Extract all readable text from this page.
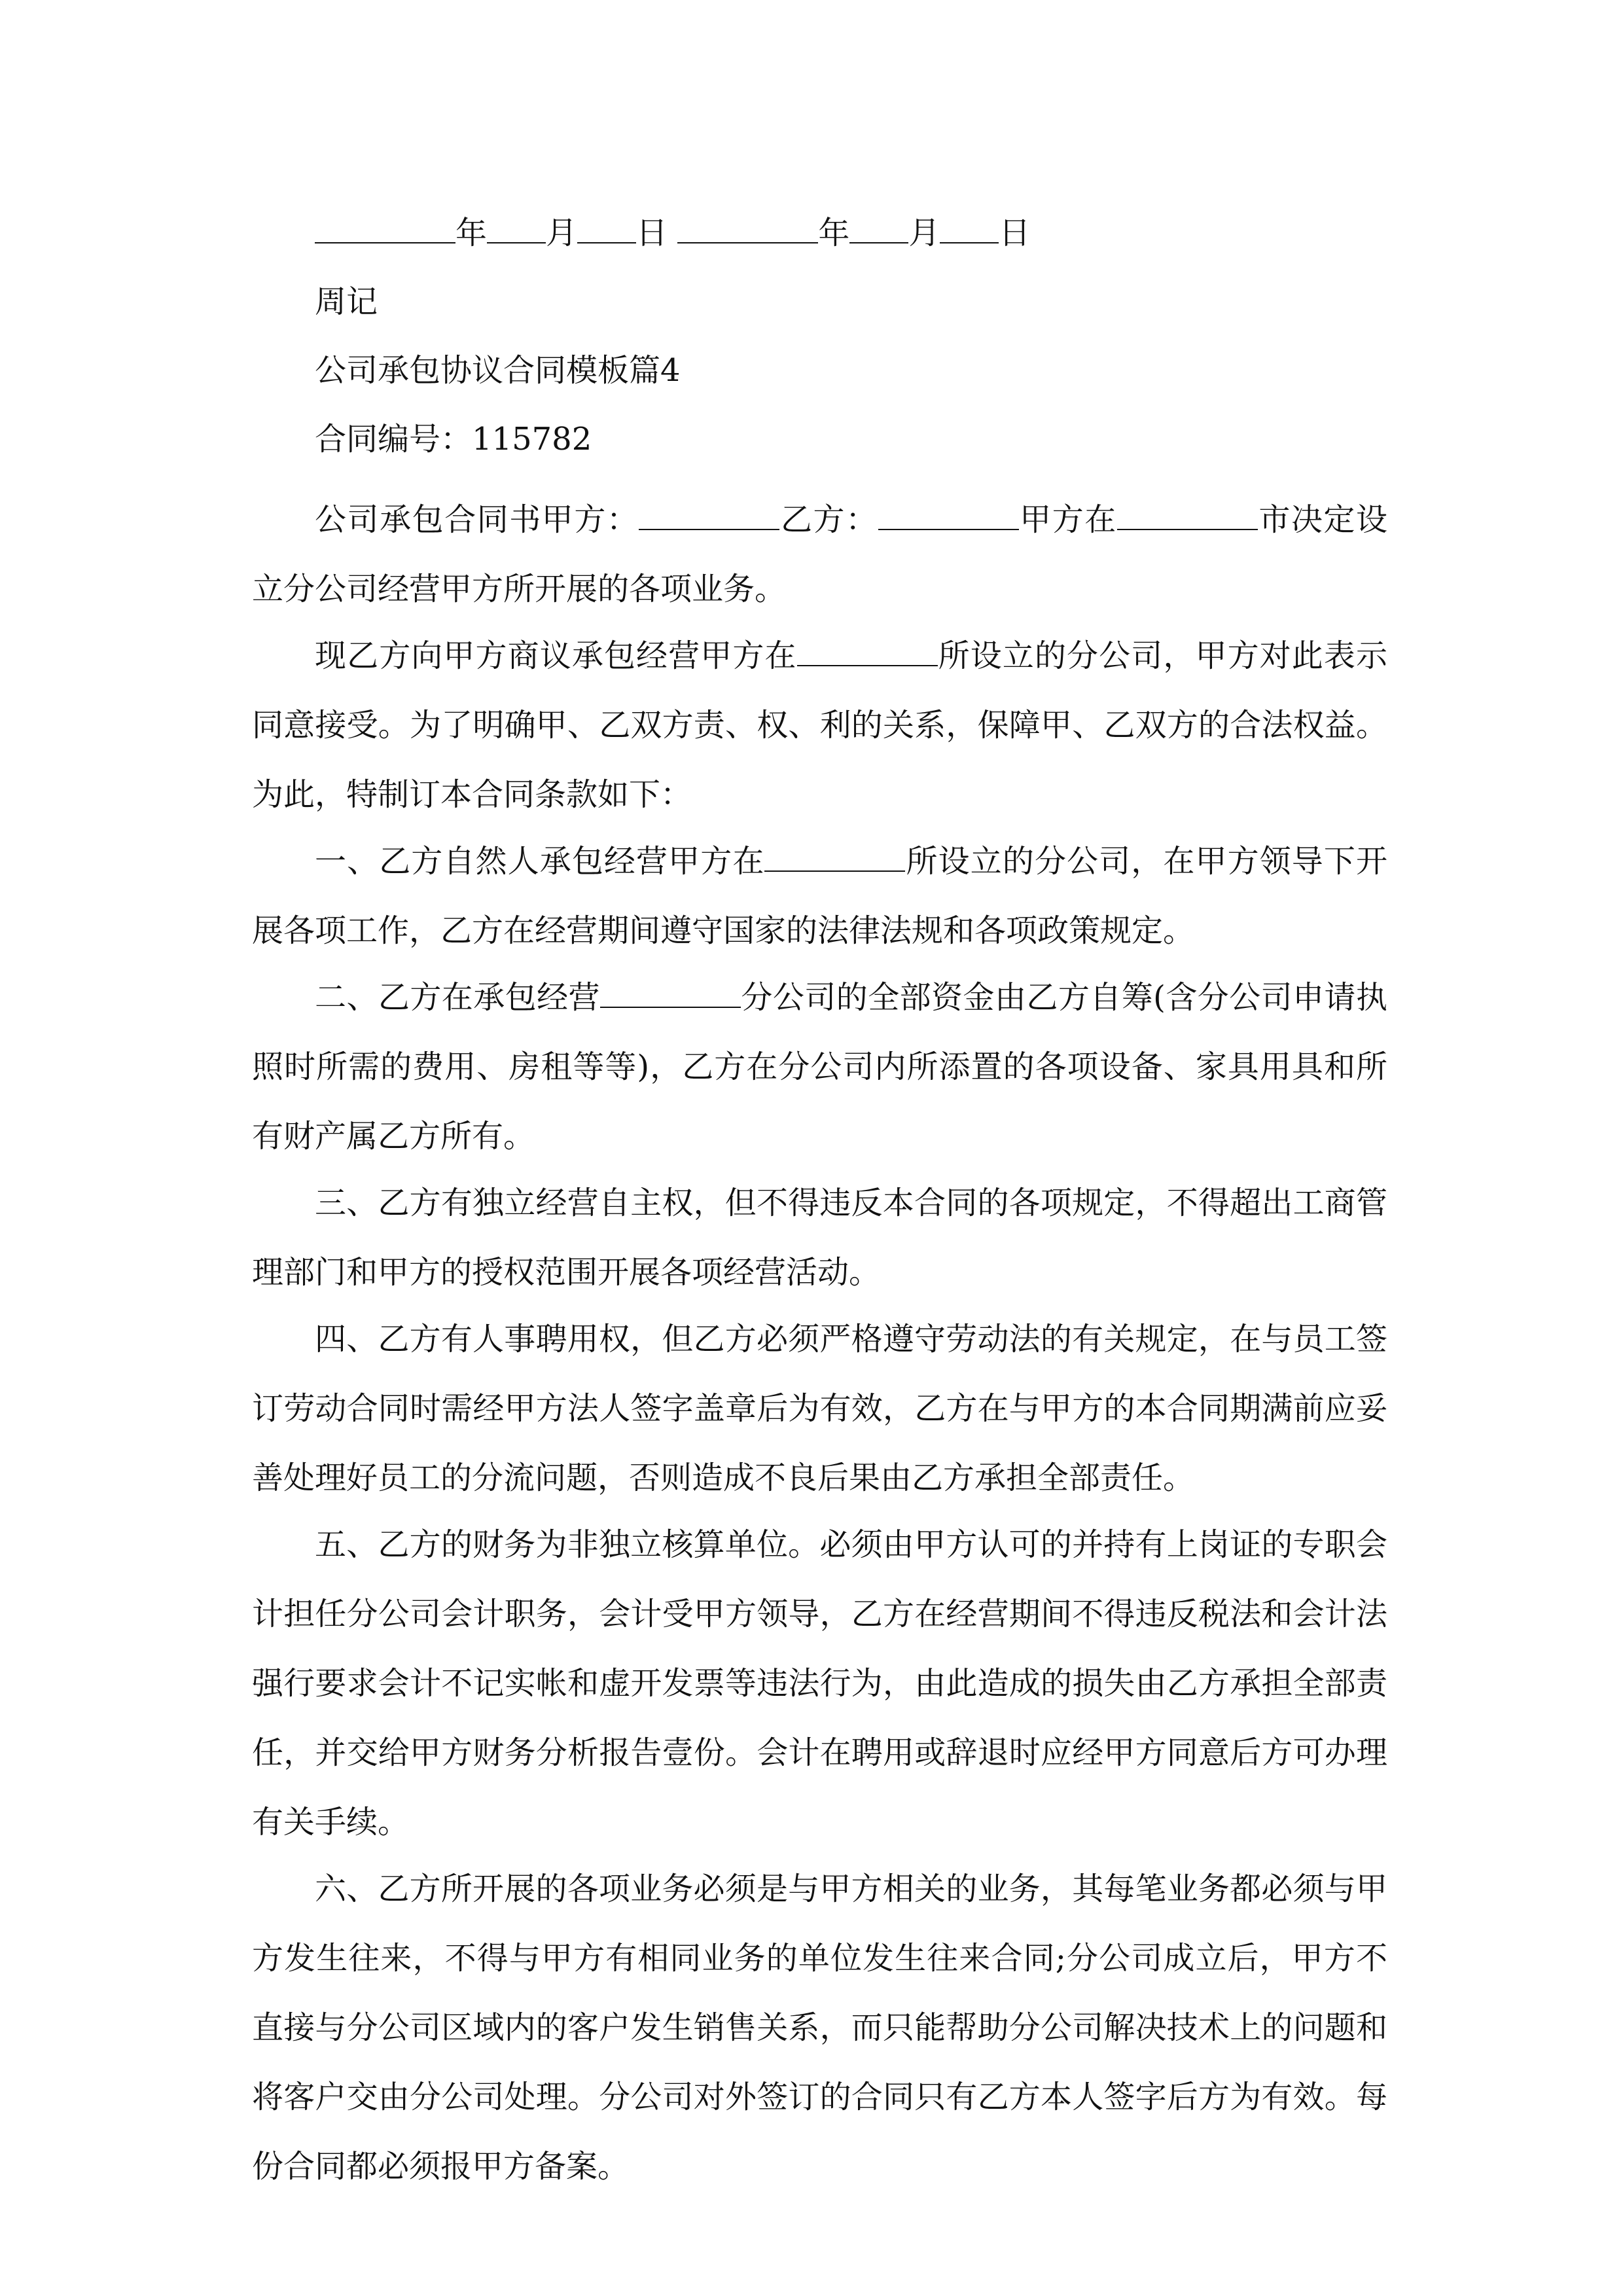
年 月 日	年 月 日
周记
公司承包协议合同模板篇4
合同编号：115782

公司承包合同书甲方：	乙方：	甲方在	市决定设立分公司经营甲方所开展的各项业务。

现乙方向甲方商议承包经营甲方在	所设立的分公司，甲方对此表示同意接受。为了明确甲、乙双方责、权、利的关系，保障甲、乙双方的合法权益。为此，特制订本合同条款如下：

一、乙方自然人承包经营甲方在	所设立的分公司，在甲方领导下开展各项工作，乙方在经营期间遵守国家的法律法规和各项政策规定。

二、乙方在承包经营	分公司的全部资金由乙方自筹(含分公司申请执照时所需的费用、房租等等)，乙方在分公司内所添置的各项设备、家具用具和所有财产属乙方所有。

三、乙方有独立经营自主权，但不得违反本合同的各项规定，不得超出工商管理部门和甲方的授权范围开展各项经营活动。

四、乙方有人事聘用权，但乙方必须严格遵守劳动法的有关规定，在与员工签订劳动合同时需经甲方法人签字盖章后为有效，乙方在与甲方的本合同期满前应妥善处理好员工的分流问题，否则造成不良后果由乙方承担全部责任。

五、乙方的财务为非独立核算单位。必须由甲方认可的并持有上岗证的专职会计担任分公司会计职务，会计受甲方领导，乙方在经营期间不得违反税法和会计法强行要求会计不记实帐和虚开发票等违法行为，由此造成的损失由乙方承担全部责任，并交给甲方财务分析报告壹份。会计在聘用或辞退时应经甲方同意后方可办理有关手续。

六、乙方所开展的各项业务必须是与甲方相关的业务，其每笔业务都必须与甲方发生往来，不得与甲方有相同业务的单位发生往来合同;分公司成立后，甲方不直接与分公司区域内的客户发生销售关系，而只能帮助分公司解决技术上的问题和将客户交由分公司处理。分公司对外签订的合同只有乙方本人签字后方为有效。每份合同都必须报甲方备案。
